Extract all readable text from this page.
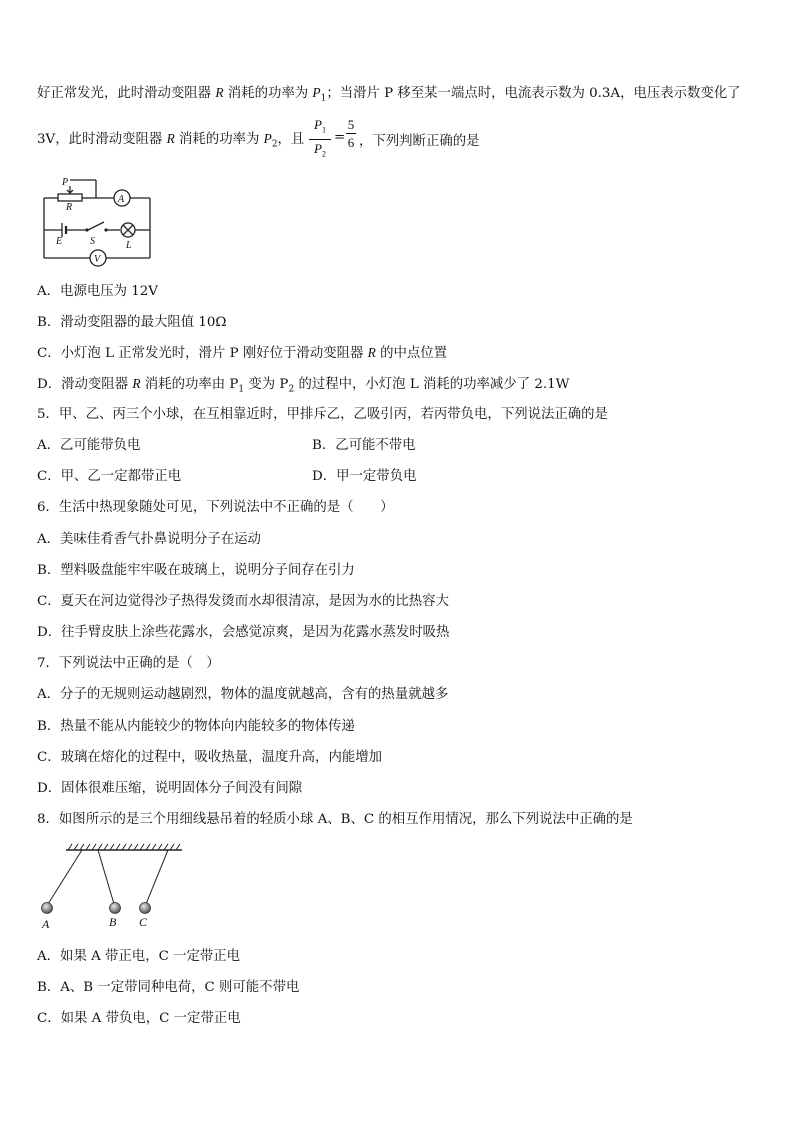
好正常发光，此时滑动变阻器 R 消耗的功率为 $P_1$；当滑片 P 移至某一端点时，电流表示数为 0.3A，电压表示数变化了
3V，此时滑动变阻器 R 消耗的功率为 $P_2$，且
$P_1$
$P_2$
=
5
6 ，下列判断正确的是
P
R
A
E	S	L
V
A．电源电压为 12V
B．滑动变阻器的最大阻值 10Ω
C．小灯泡 L 正常发光时，滑片 P 刚好位于滑动变阻器 R 的中点位置
D．滑动变阻器 R 消耗的功率由 $P_1$ 变为 $P_2$ 的过程中，小灯泡 L 消耗的功率减少了 2.1W
5．甲、乙、丙三个小球，在互相靠近时，甲排斥乙，乙吸引丙，若丙带负电，下列说法正确的是
A．乙可能带负电	B．乙可能不带电
C．甲、乙一定都带正电	D．甲一定带负电
6．生活中热现象随处可见，下列说法中不正确的是（　　）
A．美味佳肴香气扑鼻说明分子在运动
B．塑料吸盘能牢牢吸在玻璃上，说明分子间存在引力
C．夏天在河边觉得沙子热得发烫而水却很清凉，是因为水的比热容大
D．往手臂皮肤上涂些花露水，会感觉凉爽，是因为花露水蒸发时吸热
7．下列说法中正确的是（　）
A．分子的无规则运动越剧烈，物体的温度就越高，含有的热量就越多
B．热量不能从内能较少的物体向内能较多的物体传递
C．玻璃在熔化的过程中，吸收热量，温度升高，内能增加
D．固体很难压缩，说明固体分子间没有间隙
8．如图所示的是三个用细线悬吊着的轻质小球 A、B、C 的相互作用情况，那么下列说法中正确的是
A	B C
A．如果 A 带正电，C 一定带正电
B．A、B 一定带同种电荷，C 则可能不带电
C．如果 A 带负电，C 一定带正电
